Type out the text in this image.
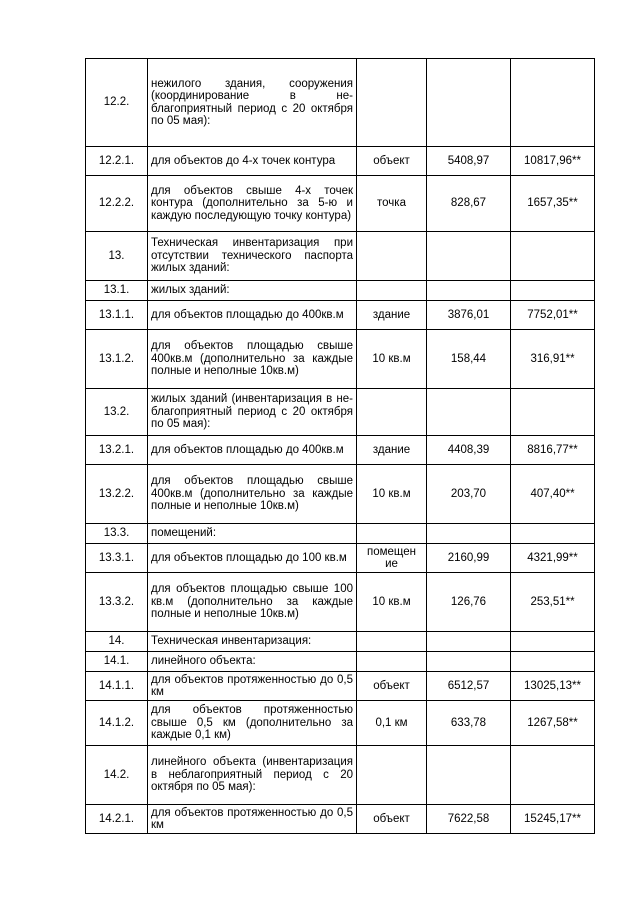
12.2.	нежилого здания, сооружения (координирование в не-благоприятный период с 20 октября по 05 мая):			
12.2.1.	для объектов до 4-х точек контура	объект	5408,97	10817,96**
12.2.2.	для объектов свыше 4-х точек контура (дополнительно за 5-ю и каждую последующую точку контура)	точка	828,67	1657,35**
13.	Техническая инвентаризация при отсутствии технического паспорта жилых зданий:			
13.1.	жилых зданий:			
13.1.1.	для объектов площадью до 400кв.м	здание	3876,01	7752,01**
13.1.2.	для объектов площадью свыше 400кв.м (дополнительно за каждые полные и неполные 10кв.м)	10 кв.м	158,44	316,91**
13.2.	жилых зданий (инвентаризация в не-благоприятный период с 20 октября по 05 мая):			
13.2.1.	для объектов площадью до 400кв.м	здание	4408,39	8816,77**
13.2.2.	для объектов площадью свыше 400кв.м (дополнительно за каждые полные и неполные 10кв.м)	10 кв.м	203,70	407,40**
13.3.	помещений:			
13.3.1.	для объектов площадью до 100 кв.м	помещен ие	2160,99	4321,99**
13.3.2.	для объектов площадью свыше 100 кв.м (дополнительно за каждые полные и неполные 10кв.м)	10 кв.м	126,76	253,51**
14.	Техническая инвентаризация:			
14.1.	линейного объекта:			
14.1.1.	для объектов протяженностью до 0,5 км	объект	6512,57	13025,13**
14.1.2.	для объектов протяженностью свыше 0,5 км (дополнительно за каждые 0,1 км)	0,1 км	633,78	1267,58**
14.2.	линейного объекта (инвентаризация в неблагоприятный период с 20 октября по 05 мая):			
14.2.1.	для объектов протяженностью до 0,5 км	объект	7622,58	15245,17**
